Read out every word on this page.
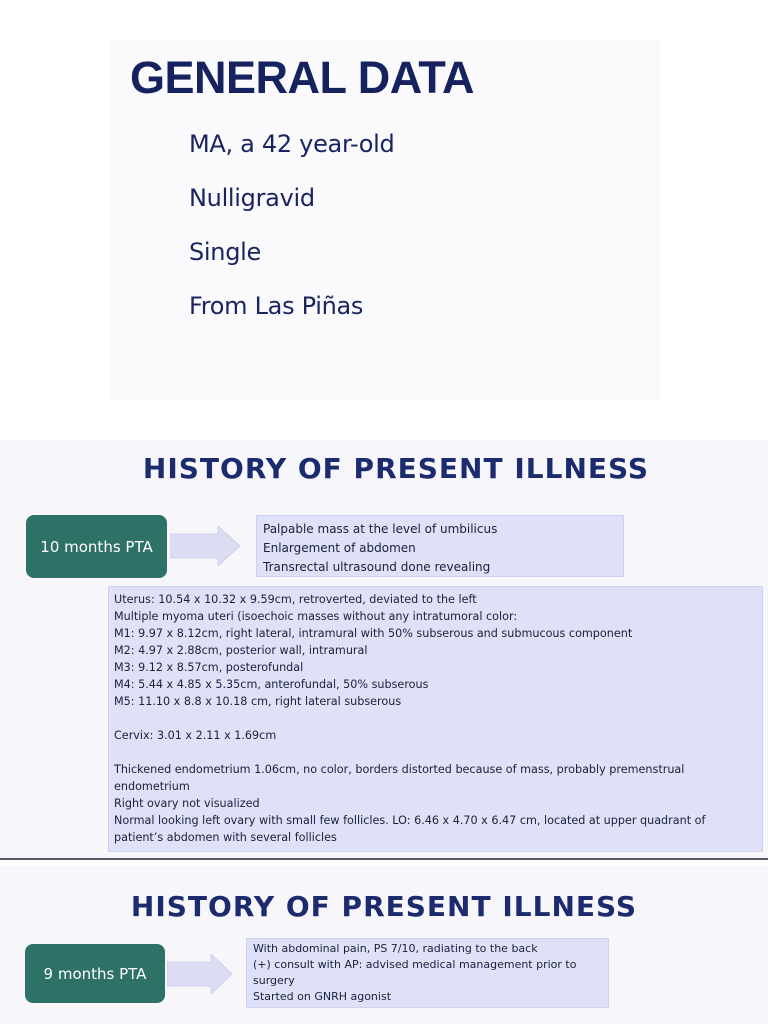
GENERAL DATA
MA, a 42 year-old
Nulligravid
Single
From Las Piñas
HISTORY OF PRESENT ILLNESS
10 months PTA

Palpable mass at the level of umbilicus

Enlargement of abdomen

Transrectal ultrasound done revealing

Uterus: 10.54 x 10.32 x 9.59cm, retroverted, deviated to the left

Multiple myoma uteri (isoechoic masses without any intratumoral color:

M1: 9.97 x 8.12cm, right lateral, intramural with 50% subserous and submucous component

M2: 4.97 x 2.88cm, posterior wall, intramural

M3: 9.12 x 8.57cm, posterofundal

M4: 5.44 x 4.85 x 5.35cm, anterofundal, 50% subserous

M5: 11.10 x 8.8 x 10.18 cm, right lateral subserous

Cervix: 3.01 x 2.11 x 1.69cm

Thickened endometrium 1.06cm, no color, borders distorted because of mass, probably premenstrual

endometrium

Right ovary not visualized

Normal looking left ovary with small few follicles. LO: 6.46 x 4.70 x 6.47 cm, located at upper quadrant of

patient’s abdomen with several follicles

HISTORY OF PRESENT ILLNESS
9 months PTA

With abdominal pain, PS 7/10, radiating to the back

(+) consult with AP: advised medical management prior to

surgery

Started on GNRH agonist
